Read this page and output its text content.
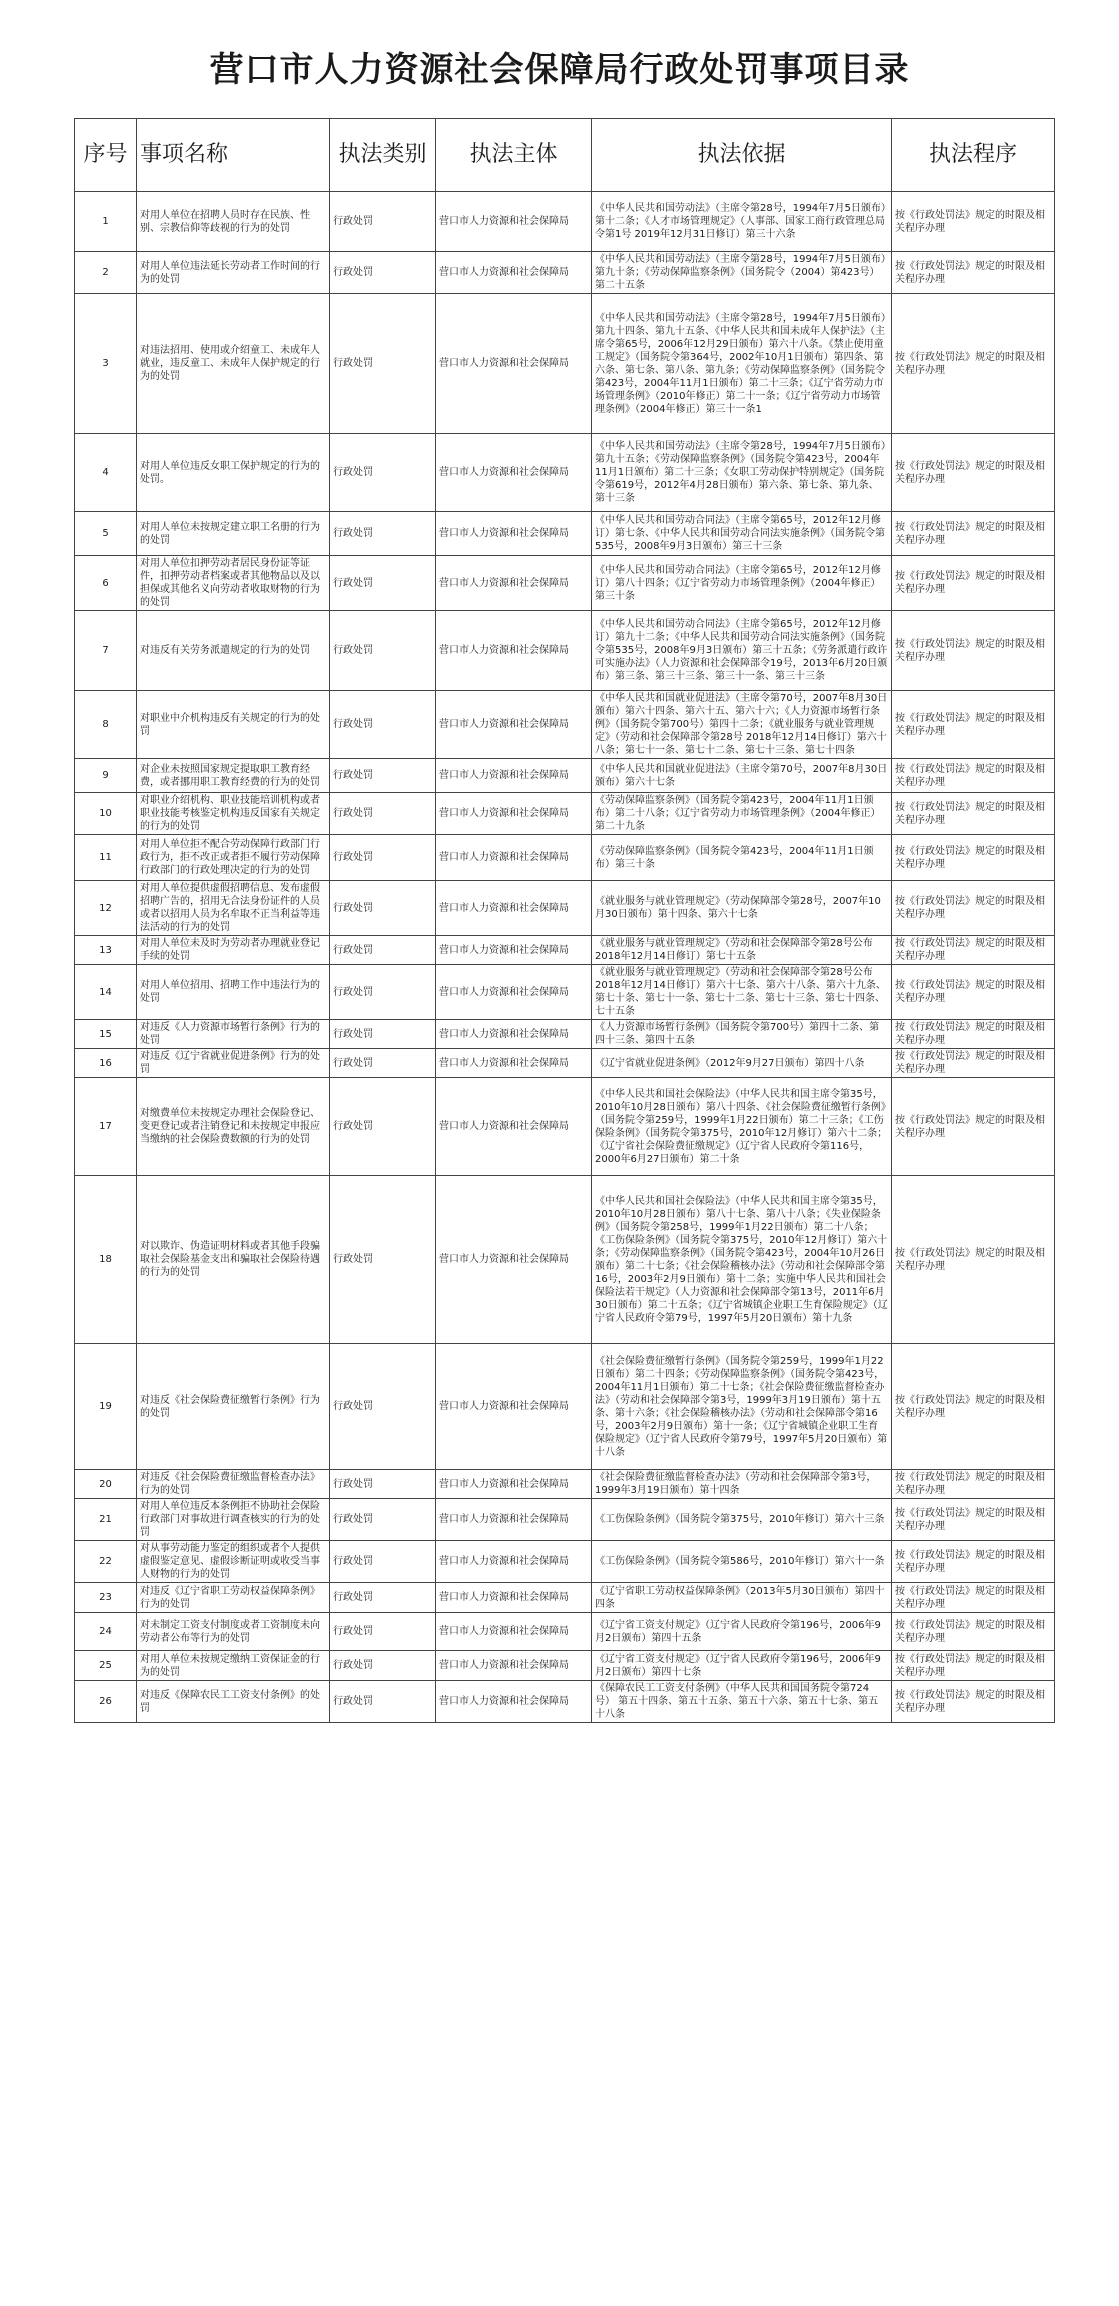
营口市人力资源社会保障局行政处罚事项目录
序号	事项名称	执法类别	执法主体	执法依据	执法程序
1	对用人单位在招聘人员时存在民族、性别、宗教信仰等歧视的行为的处罚	行政处罚	营口市人力资源和社会保障局	《中华人民共和国劳动法》（主席令第28号，1994年7月5日颁布）第十二条；《人才市场管理规定》（人事部、国家工商行政管理总局令第1号 2019年12月31日修订）第三十六条	按《行政处罚法》规定的时限及相关程序办理
2	对用人单位违法延长劳动者工作时间的行为的处罚	行政处罚	营口市人力资源和社会保障局	《中华人民共和国劳动法》（主席令第28号，1994年7月5日颁布）第九十条；《劳动保障监察条例》（国务院令（2004）第423号）第二十五条	按《行政处罚法》规定的时限及相关程序办理
3	对违法招用、使用或介绍童工、未成年人就业，违反童工、未成年人保护规定的行为的处罚	行政处罚	营口市人力资源和社会保障局	《中华人民共和国劳动法》（主席令第28号，1994年7月5日颁布）第九十四条、第九十五条、《中华人民共和国未成年人保护法》（主席令第65号，2006年12月29日颁布）第六十八条。《禁止使用童工规定》（国务院令第364号，2002年10月1日颁布）第四条、第六条、第七条、第八条、第九条；《劳动保障监察条例》（国务院令第423号，2004年11月1日颁布）第二十三条；《辽宁省劳动力市场管理条例》（2010年修正）第二十一条；《辽宁省劳动力市场管理条例》（2004年修正）第三十一条1	按《行政处罚法》规定的时限及相关程序办理
4	对用人单位违反女职工保护规定的行为的处罚。	行政处罚	营口市人力资源和社会保障局	《中华人民共和国劳动法》（主席令第28号，1994年7月5日颁布）第九十五条；《劳动保障监察条例》（国务院令第423号，2004年11月1日颁布）第二十三条；《女职工劳动保护特别规定》（国务院令第619号，2012年4月28日颁布）第六条、第七条、第九条、第十三条	按《行政处罚法》规定的时限及相关程序办理
5	对用人单位未按规定建立职工名册的行为的处罚	行政处罚	营口市人力资源和社会保障局	《中华人民共和国劳动合同法》（主席令第65号，2012年12月修订）第七条、《中华人民共和国劳动合同法实施条例》（国务院令第535号，2008年9月3日颁布）第三十三条	按《行政处罚法》规定的时限及相关程序办理
6	对用人单位扣押劳动者居民身份证等证件，扣押劳动者档案或者其他物品以及以担保或其他名义向劳动者收取财物的行为的处罚	行政处罚	营口市人力资源和社会保障局	《中华人民共和国劳动合同法》（主席令第65号，2012年12月修订）第八十四条；《辽宁省劳动力市场管理条例》（2004年修正）第三十条	按《行政处罚法》规定的时限及相关程序办理
7	对违反有关劳务派遣规定的行为的处罚	行政处罚	营口市人力资源和社会保障局	《中华人民共和国劳动合同法》（主席令第65号，2012年12月修订）第九十二条；《中华人民共和国劳动合同法实施条例》（国务院令第535号，2008年9月3日颁布）第三十五条；《劳务派遣行政许可实施办法》（人力资源和社会保障部令19号，2013年6月20日颁布）第三条、第三十三条、第三十一条、第三十三条	按《行政处罚法》规定的时限及相关程序办理
8	对职业中介机构违反有关规定的行为的处罚	行政处罚	营口市人力资源和社会保障局	《中华人民共和国就业促进法》（主席令第70号，2007年8月30日颁布）第六十四条、第六十五、第六十六；《人力资源市场暂行条例》（国务院令第700号）第四十二条；《就业服务与就业管理规定》（劳动和社会保障部令第28号 2018年12月14日修订）第六十八条；第七十一条、第七十二条、第七十三条、第七十四条	按《行政处罚法》规定的时限及相关程序办理
9	对企业未按照国家规定提取职工教育经费，或者挪用职工教育经费的行为的处罚	行政处罚	营口市人力资源和社会保障局	《中华人民共和国就业促进法》（主席令第70号，2007年8月30日颁布）第六十七条	按《行政处罚法》规定的时限及相关程序办理
10	对职业介绍机构、职业技能培训机构或者职业技能考核鉴定机构违反国家有关规定的行为的处罚	行政处罚	营口市人力资源和社会保障局	《劳动保障监察条例》（国务院令第423号，2004年11月1日颁布）第二十八条；《辽宁省劳动力市场管理条例》（2004年修正）第二十九条	按《行政处罚法》规定的时限及相关程序办理
11	对用人单位拒不配合劳动保障行政部门行政行为，拒不改正或者拒不履行劳动保障行政部门的行政处理决定的行为的处罚	行政处罚	营口市人力资源和社会保障局	《劳动保障监察条例》（国务院令第423号，2004年11月1日颁布）第三十条	按《行政处罚法》规定的时限及相关程序办理
12	对用人单位提供虚假招聘信息、发布虚假招聘广告的，招用无合法身份证件的人员或者以招用人员为名牟取不正当利益等违法活动的行为的处罚	行政处罚	营口市人力资源和社会保障局	《就业服务与就业管理规定》（劳动保障部令第28号，2007年10月30日颁布）第十四条、第六十七条	按《行政处罚法》规定的时限及相关程序办理
13	对用人单位未及时为劳动者办理就业登记手续的处罚	行政处罚	营口市人力资源和社会保障局	《就业服务与就业管理规定》（劳动和社会保障部令第28号公布 2018年12月14日修订）第七十五条	按《行政处罚法》规定的时限及相关程序办理
14	对用人单位招用、招聘工作中违法行为的处罚	行政处罚	营口市人力资源和社会保障局	《就业服务与就业管理规定》（劳动和社会保障部令第28号公布 2018年12月14日修订）第六十七条、第六十八条、第六十九条、第七十条、第七十一条、第七十二条、第七十三条、第七十四条、七十五条	按《行政处罚法》规定的时限及相关程序办理
15	对违反《人力资源市场暂行条例》行为的处罚	行政处罚	营口市人力资源和社会保障局	《人力资源市场暂行条例》（国务院令第700号）第四十二条、第四十三条、第四十五条	按《行政处罚法》规定的时限及相关程序办理
16	对违反《辽宁省就业促进条例》行为的处罚	行政处罚	营口市人力资源和社会保障局	《辽宁省就业促进条例》（2012年9月27日颁布）第四十八条	按《行政处罚法》规定的时限及相关程序办理
17	对缴费单位未按规定办理社会保险登记、变更登记或者注销登记和未按规定申报应当缴纳的社会保险费数额的行为的处罚	行政处罚	营口市人力资源和社会保障局	《中华人民共和国社会保险法》（中华人民共和国主席令第35号，2010年10月28日颁布）第八十四条、《社会保险费征缴暂行条例》（国务院令第259号，1999年1月22日颁布）第二十三条；《工伤保险条例》（国务院令第375号，2010年12月修订）第六十二条；《辽宁省社会保险费征缴规定》（辽宁省人民政府令第116号，2000年6月27日颁布）第二十条	按《行政处罚法》规定的时限及相关程序办理
18	对以欺诈、伪造证明材料或者其他手段骗取社会保险基金支出和骗取社会保险待遇的行为的处罚	行政处罚	营口市人力资源和社会保障局	《中华人民共和国社会保险法》（中华人民共和国主席令第35号，2010年10月28日颁布）第八十七条、第八十八条；《失业保险条例》（国务院令第258号，1999年1月22日颁布）第二十八条；《工伤保险条例》（国务院令第375号，2010年12月修订）第六十条；《劳动保障监察条例》（国务院令第423号，2004年10月26日颁布）第二十七条；《社会保险稽核办法》（劳动和社会保障部令第16号，2003年2月9日颁布）第十二条；实施中华人民共和国社会保险法若干规定》（人力资源和社会保障部令第13号，2011年6月30日颁布）第二十五条；《辽宁省城镇企业职工生育保险规定》（辽宁省人民政府令第79号，1997年5月20日颁布）第十九条	按《行政处罚法》规定的时限及相关程序办理
19	对违反《社会保险费征缴暂行条例》行为的处罚	行政处罚	营口市人力资源和社会保障局	《社会保险费征缴暂行条例》（国务院令第259号，1999年1月22日颁布）第二十四条；《劳动保障监察条例》（国务院令第423号，2004年11月1日颁布）第二十七条；《社会保险费征缴监督检查办法》（劳动和社会保障部令第3号，1999年3月19日颁布）第十五条、第十六条；《社会保险稽核办法》（劳动和社会保障部令第16号，2003年2月9日颁布）第十一条；《辽宁省城镇企业职工生育保险规定》（辽宁省人民政府令第79号，1997年5月20日颁布）第十八条	按《行政处罚法》规定的时限及相关程序办理
20	对违反《社会保险费征缴监督检查办法》行为的处罚	行政处罚	营口市人力资源和社会保障局	《社会保险费征缴监督检查办法》（劳动和社会保障部令第3号，1999年3月19日颁布）第十四条	按《行政处罚法》规定的时限及相关程序办理
21	对用人单位违反本条例拒不协助社会保险行政部门对事故进行调查核实的行为的处罚	行政处罚	营口市人力资源和社会保障局	《工伤保险条例》（国务院令第375号，2010年修订）第六十三条	按《行政处罚法》规定的时限及相关程序办理
22	对从事劳动能力鉴定的组织或者个人提供虚假鉴定意见、虚假诊断证明或收受当事人财物的行为的处罚	行政处罚	营口市人力资源和社会保障局	《工伤保险条例》（国务院令第586号，2010年修订）第六十一条	按《行政处罚法》规定的时限及相关程序办理
23	对违反《辽宁省职工劳动权益保障条例》行为的处罚	行政处罚	营口市人力资源和社会保障局	《辽宁省职工劳动权益保障条例》（2013年5月30日颁布）第四十四条	按《行政处罚法》规定的时限及相关程序办理
24	对未制定工资支付制度或者工资制度未向劳动者公布等行为的处罚	行政处罚	营口市人力资源和社会保障局	《辽宁省工资支付规定》（辽宁省人民政府令第196号，2006年9月2日颁布）第四十五条	按《行政处罚法》规定的时限及相关程序办理
25	对用人单位未按规定缴纳工资保证金的行为的处罚	行政处罚	营口市人力资源和社会保障局	《辽宁省工资支付规定》（辽宁省人民政府令第196号，2006年9月2日颁布）第四十七条	按《行政处罚法》规定的时限及相关程序办理
26	对违反《保障农民工工资支付条例》的处罚	行政处罚	营口市人力资源和社会保障局	《保障农民工工资支付条例》（中华人民共和国国务院令第724号） 第五十四条、第五十五条、第五十六条、第五十七条、第五十八条	按《行政处罚法》规定的时限及相关程序办理
